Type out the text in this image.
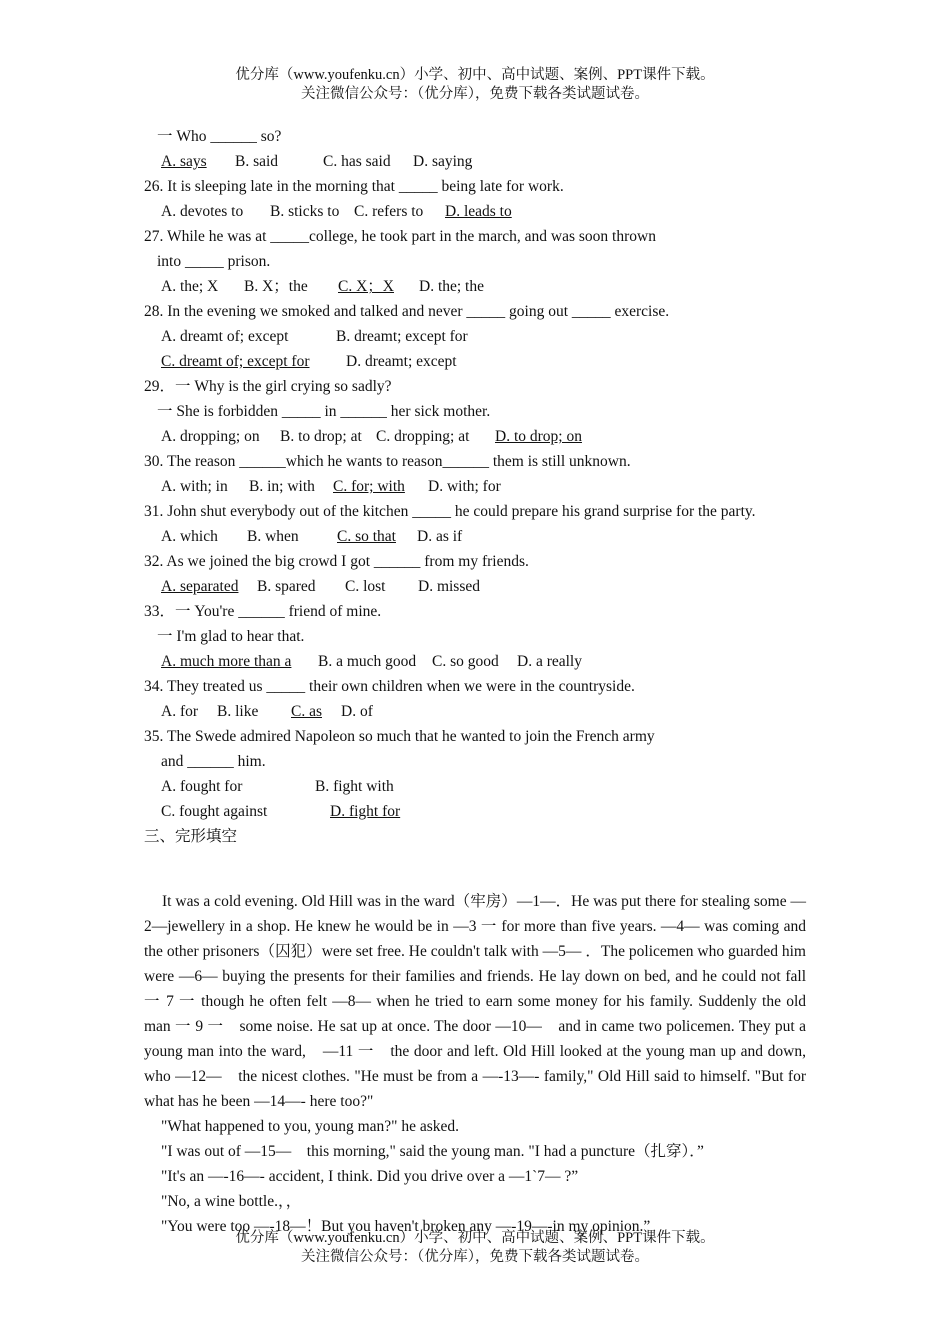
优分库（www.youfenku.cn）小学、初中、高中试题、案例、PPT课件下载。
关注微信公众号：（优分库），免费下载各类试题试卷。
一 Who ______ so?
A. says B. said	C. has said D. saying
26. It is sleeping late in the morning that _____ being late for work.
A. devotes to B. sticks to C. refers to D. leads to
27. While he was at _____college, he took part in the march, and was soon thrown
into _____ prison.
A. the; X B. X；the C. X；X D. the; the
28. In the evening we smoked and talked and never _____ going out _____ exercise.
A. dreamt of; except	B. dreamt; except for
C. dreamt of; except for D. dreamt; except
29．一 Why is the girl crying so sadly?
一 She is forbidden _____ in ______ her sick mother.
A. dropping; on B. to drop; at C. dropping; at D. to drop; on
30. The reason ______which he wants to reason______ them is still unknown.
A. with; in B. in; with C. for; with D. with; for
31. John shut everybody out of the kitchen _____ he could prepare his grand surprise for the party.
A. which B. when C. so that D. as if
32. As we joined the big crowd I got ______ from my friends.
A. separated B. spared C. lost D. missed
33．一 You're ______ friend of mine.
一 I'm glad to hear that.
A. much more than a B. a much good C. so good D. a really
34. They treated us _____ their own children when we were in the countryside.
A. for B. like C. as D. of
35. The Swede admired Napoleon so much that he wanted to join the French army
and ______ him.
A. fought for	B. fight with
C. fought against	D. fight for
三、完形填空

It was a cold evening. Old Hill was in the ward（牢房）—1—．He was put there for stealing some —2—jewellery in a shop. He knew he would be in —3 一 for more than five years. —4— was coming and the other prisoners（囚犯）were set free. He couldn't talk with —5— ．The policemen who guarded him were —6— buying the presents for their families and friends. He lay down on bed, and he could not fall 一 7 一 though he often felt —8— when he tried to earn some money for his family. Suddenly the old man 一 9 一　some noise. He sat up at once. The door —10—　and in came two policemen. They put a young man into the ward,　—11 一　the door and left. Old Hill looked at the young man up and down, who —12—　the nicest clothes. "He must be from a —-13—- family," Old Hill said to himself. "But for what has he been —14—- here too?"

"What happened to you, young man?" he asked.
"I was out of —15—　this morning," said the young man. "I had a puncture（扎穿）．”
"It's an —-16—- accident, I think. Did you drive over a —1`7— ?”
"No, a wine bottle.，，
"You were too —-18—！But you haven't broken any —-19—-in my opinion.”
优分库（www.youfenku.cn）小学、初中、高中试题、案例、PPT课件下载。
关注微信公众号：（优分库），免费下载各类试题试卷。
